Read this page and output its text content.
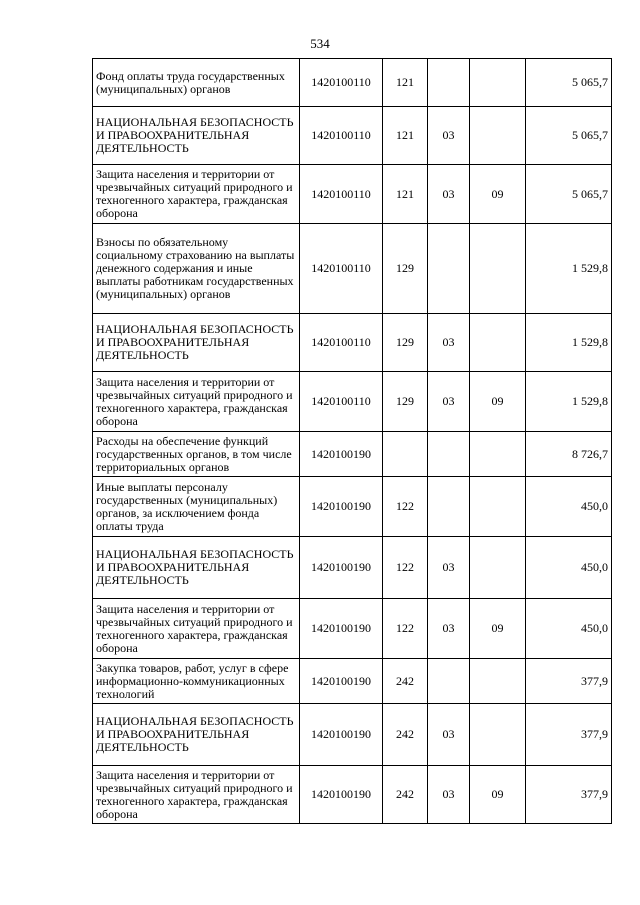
534
Фонд оплаты труда государственных (муниципальных) органов	1420100110	121			5 065,7
НАЦИОНАЛЬНАЯ БЕЗОПАСНОСТЬ И ПРАВООХРАНИТЕЛЬНАЯ ДЕЯТЕЛЬНОСТЬ	1420100110	121	03		5 065,7
Защита населения и территории от чрезвычайных ситуаций природного и техногенного характера, гражданская оборона	1420100110	121	03	09	5 065,7
Взносы по обязательному социальному страхованию на выплаты денежного содержания и иные выплаты работникам государственных (муниципальных) органов	1420100110	129			1 529,8
НАЦИОНАЛЬНАЯ БЕЗОПАСНОСТЬ И ПРАВООХРАНИТЕЛЬНАЯ ДЕЯТЕЛЬНОСТЬ	1420100110	129	03		1 529,8
Защита населения и территории от чрезвычайных ситуаций природного и техногенного характера, гражданская оборона	1420100110	129	03	09	1 529,8
Расходы на обеспечение функций государственных органов, в том числе территориальных органов	1420100190				8 726,7
Иные выплаты персоналу государственных (муниципальных) органов, за исключением фонда оплаты труда	1420100190	122			450,0
НАЦИОНАЛЬНАЯ БЕЗОПАСНОСТЬ И ПРАВООХРАНИТЕЛЬНАЯ ДЕЯТЕЛЬНОСТЬ	1420100190	122	03		450,0
Защита населения и территории от чрезвычайных ситуаций природного и техногенного характера, гражданская оборона	1420100190	122	03	09	450,0
Закупка товаров, работ, услуг в сфере информационно-коммуникационных технологий	1420100190	242			377,9
НАЦИОНАЛЬНАЯ БЕЗОПАСНОСТЬ И ПРАВООХРАНИТЕЛЬНАЯ ДЕЯТЕЛЬНОСТЬ	1420100190	242	03		377,9
Защита населения и территории от чрезвычайных ситуаций природного и техногенного характера, гражданская оборона	1420100190	242	03	09	377,9
